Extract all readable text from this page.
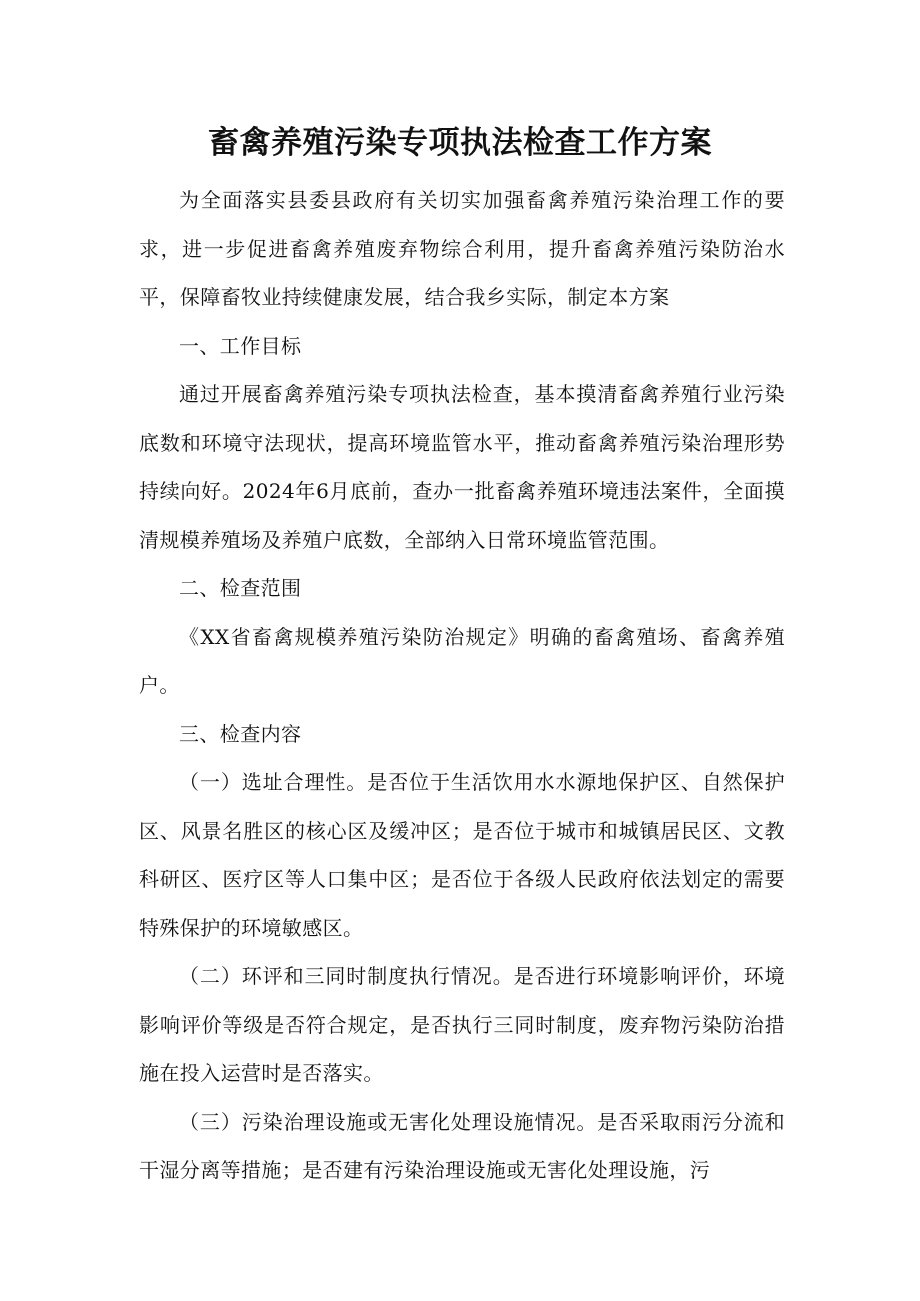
畜禽养殖污染专项执法检查工作方案

为全面落实县委县政府有关切实加强畜禽养殖污染治理工作的要求，进一步促进畜禽养殖废弃物综合利用，提升畜禽养殖污染防治水平，保障畜牧业持续健康发展，结合我乡实际，制定本方案

一、工作目标

通过开展畜禽养殖污染专项执法检查，基本摸清畜禽养殖行业污染底数和环境守法现状，提高环境监管水平，推动畜禽养殖污染治理形势持续向好。2024年6月底前，查办一批畜禽养殖环境违法案件，全面摸清规模养殖场及养殖户底数，全部纳入日常环境监管范围。

二、检查范围

《XX省畜禽规模养殖污染防治规定》明确的畜禽殖场、畜禽养殖户。

三、检查内容

（一）选址合理性。是否位于生活饮用水水源地保护区、自然保护区、风景名胜区的核心区及缓冲区；是否位于城市和城镇居民区、文教科研区、医疗区等人口集中区；是否位于各级人民政府依法划定的需要特殊保护的环境敏感区。

（二）环评和三同时制度执行情况。是否进行环境影响评价，环境影响评价等级是否符合规定，是否执行三同时制度，废弃物污染防治措施在投入运营时是否落实。

（三）污染治理设施或无害化处理设施情况。是否采取雨污分流和干湿分离等措施；是否建有污染治理设施或无害化处理设施，污
